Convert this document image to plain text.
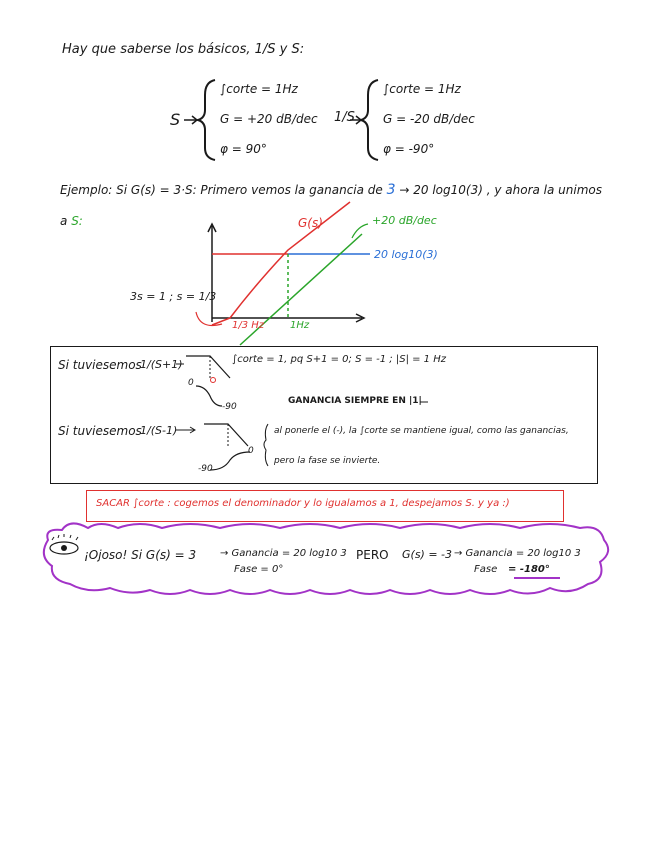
Hay que saberse los básicos, 1/S y S:
S
∫corte = 1Hz
G = +20 dB/dec
φ = 90°
1/S
∫corte = 1Hz
G = -20 dB/dec
φ = -90°
Ejemplo: Si G(s) = 3·S: Primero vemos la ganancia de 3 → 20 log10(3) , y ahora la unimos
a S:	G(s)	+20 dB/dec
20 log10(3)
3s = 1 ; s = 1/3
1/3 Hz	1Hz
Si tuviesemos
1/(S+1)	∫corte = 1, pq S+1 = 0; S = -1 ; |S| = 1 Hz
0
-90
GANANCIA SIEMPRE EN |1|
Si tuviesemos
1/(S-1)	al ponerle el (-), la ∫corte se mantiene igual, como las ganancias,
pero la fase se invierte.
-90
0
SACAR ∫corte : cogemos el denominador y lo igualamos a 1, despejamos S. y ya :)
¡Ojoso! Si G(s) = 3 → Ganancia = 20 log10 3
Fase = 0°
PERO G(s) = -3 → Ganancia = 20 log10 3
Fase = -180°
